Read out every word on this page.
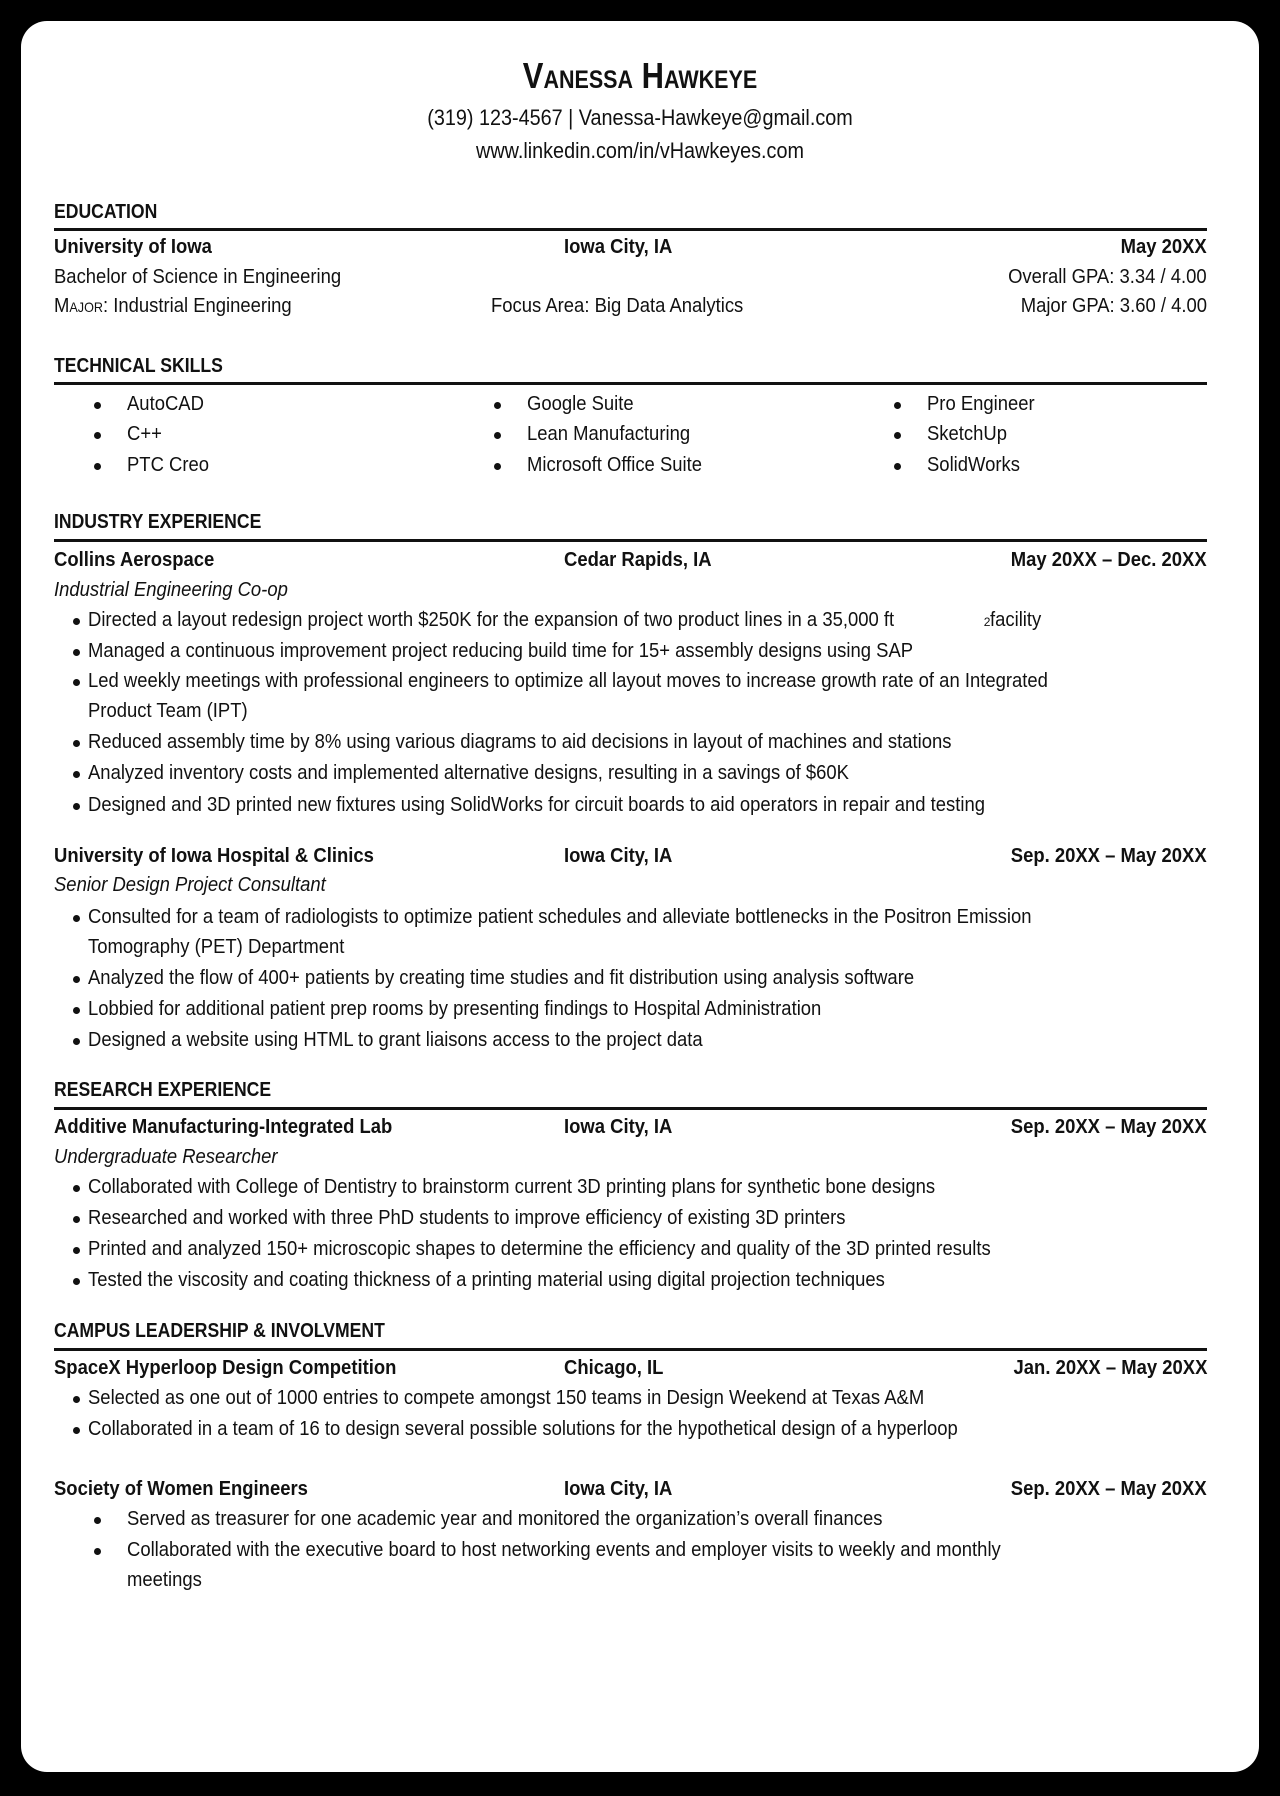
Vanessa Hawkeye
(319) 123-4567 | Vanessa-Hawkeye@gmail.com
www.linkedin.com/in/vHawkeyes.com
EDUCATION
University of Iowa	Iowa City, IA	May 20XX
Bachelor of Science in Engineering	Overall GPA: 3.34 / 4.00
Major: Industrial Engineering	Focus Area: Big Data Analytics	Major GPA: 3.60 / 4.00
TECHNICAL SKILLS
AutoCAD
C++
PTC Creo
Google Suite
Lean Manufacturing
Microsoft Office Suite
Pro Engineer
SketchUp
SolidWorks
INDUSTRY EXPERIENCE
Collins Aerospace	Cedar Rapids, IA	May 20XX – Dec. 20XX
Industrial Engineering Co-op
Directed a layout redesign project worth $250K for the expansion of two product lines in a 35,000 ft	2 facility
Managed a continuous improvement project reducing build time for 15+ assembly designs using SAP
Led weekly meetings with professional engineers to optimize all layout moves to increase growth rate of an Integrated
Product Team (IPT)
Reduced assembly time by 8% using various diagrams to aid decisions in layout of machines and stations
Analyzed inventory costs and implemented alternative designs, resulting in a savings of $60K
Designed and 3D printed new fixtures using SolidWorks for circuit boards to aid operators in repair and testing
University of Iowa Hospital & Clinics	Iowa City, IA	Sep. 20XX – May 20XX
Senior Design Project Consultant
Consulted for a team of radiologists to optimize patient schedules and alleviate bottlenecks in the Positron Emission
Tomography (PET) Department
Analyzed the flow of 400+ patients by creating time studies and fit distribution using analysis software
Lobbied for additional patient prep rooms by presenting findings to Hospital Administration
Designed a website using HTML to grant liaisons access to the project data
RESEARCH EXPERIENCE
Additive Manufacturing-Integrated Lab	Iowa City, IA	Sep. 20XX – May 20XX
Undergraduate Researcher
Collaborated with College of Dentistry to brainstorm current 3D printing plans for synthetic bone designs
Researched and worked with three PhD students to improve efficiency of existing 3D printers
Printed and analyzed 150+ microscopic shapes to determine the efficiency and quality of the 3D printed results
Tested the viscosity and coating thickness of a printing material using digital projection techniques
CAMPUS LEADERSHIP & INVOLVMENT
SpaceX Hyperloop Design Competition	Chicago, IL	Jan. 20XX – May 20XX
Selected as one out of 1000 entries to compete amongst 150 teams in Design Weekend at Texas A&M
Collaborated in a team of 16 to design several possible solutions for the hypothetical design of a hyperloop
Society of Women Engineers	Iowa City, IA	Sep. 20XX – May 20XX
Served as treasurer for one academic year and monitored the organization’s overall finances
Collaborated with the executive board to host networking events and employer visits to weekly and monthly
meetings
